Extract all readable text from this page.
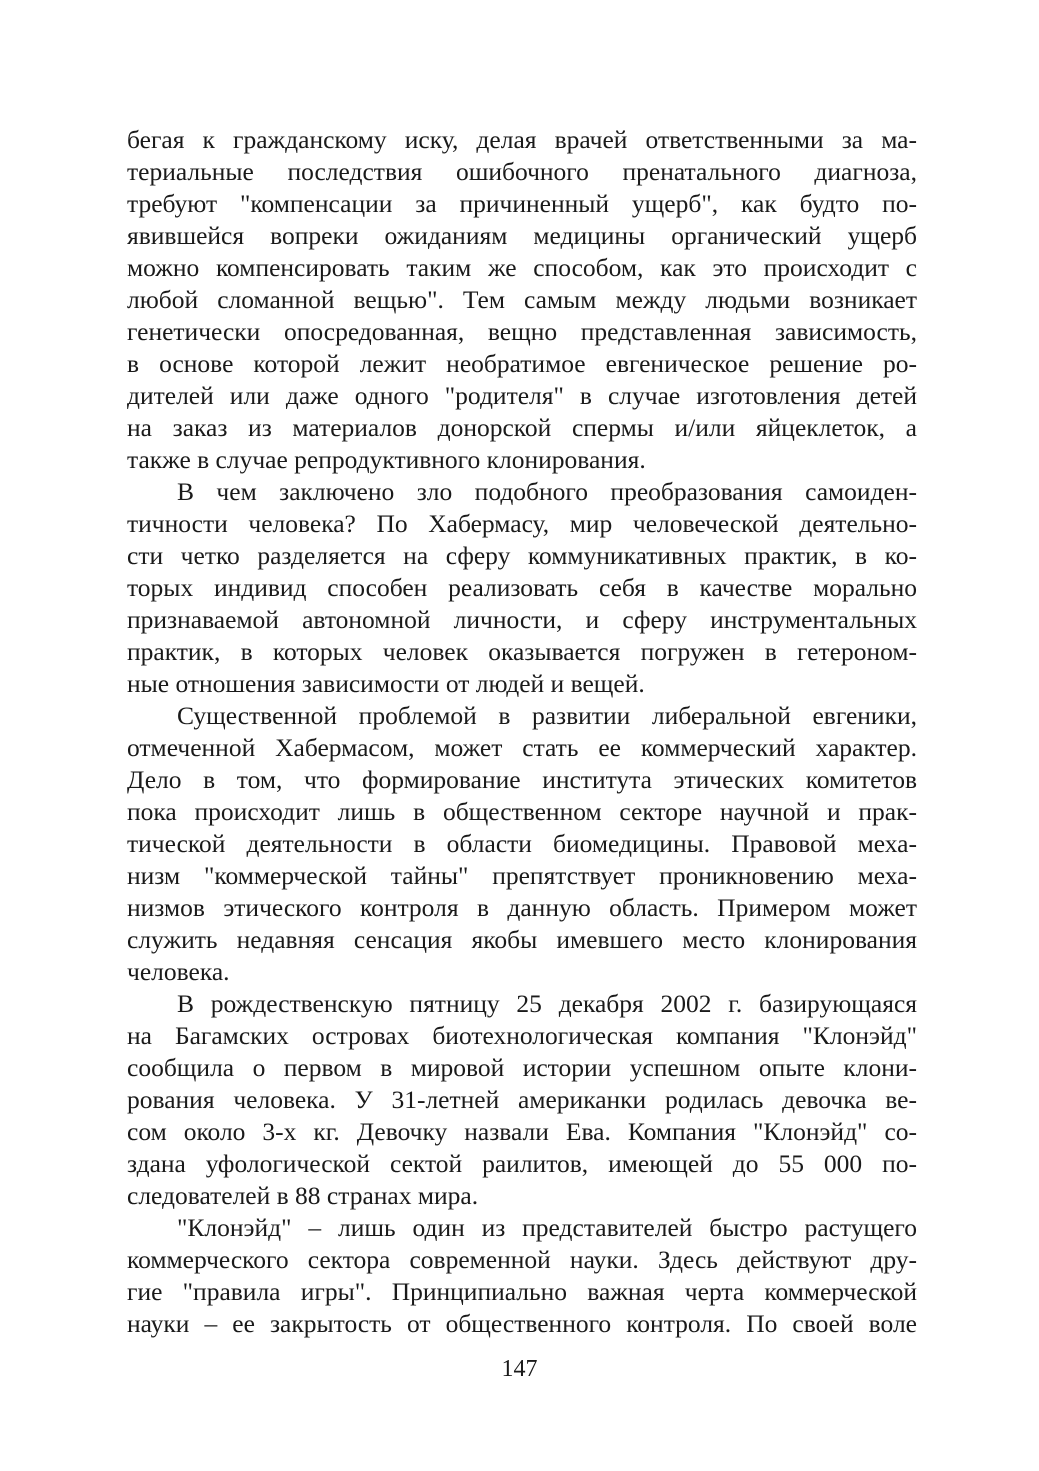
бегая к гражданскому иску, делая врачей ответственными за ма-
териальные последствия ошибочного пренатального диагноза,
требуют "компенсации за причиненный ущерб", как будто по-
явившейся вопреки ожиданиям медицины органический ущерб
можно компенсировать таким же способом, как это происходит с
любой сломанной вещью". Тем самым между людьми возникает
генетически опосредованная, вещно представленная зависимость,
в основе которой лежит необратимое евгеническое решение ро-
дителей или даже одного "родителя" в случае изготовления детей
на заказ из материалов донорской спермы и/или яйцеклеток, а
также в случае репродуктивного клонирования.
В чем заключено зло подобного преобразования самоиден-
тичности человека? По Хабермасу, мир человеческой деятельно-
сти четко разделяется на сферу коммуникативных практик, в ко-
торых индивид способен реализовать себя в качестве морально
признаваемой автономной личности, и сферу инструментальных
практик, в которых человек оказывается погружен в гетероном-
ные отношения зависимости от людей и вещей.
Существенной проблемой в развитии либеральной евгеники,
отмеченной Хабермасом, может стать ее коммерческий характер.
Дело в том, что формирование института этических комитетов
пока происходит лишь в общественном секторе научной и прак-
тической деятельности в области биомедицины. Правовой меха-
низм "коммерческой тайны" препятствует проникновению меха-
низмов этического контроля в данную область. Примером может
служить недавняя сенсация якобы имевшего место клонирования
человека.
В рождественскую пятницу 25 декабря 2002 г. базирующаяся
на Багамских островах биотехнологическая компания "Клонэйд"
сообщила о первом в мировой истории успешном опыте клони-
рования человека. У 31-летней американки родилась девочка ве-
сом около 3-х кг. Девочку назвали Ева. Компания "Клонэйд" со-
здана уфологической сектой раилитов, имеющей до 55 000 по-
следователей в 88 странах мира.
"Клонэйд" – лишь один из представителей быстро растущего
коммерческого сектора современной науки. Здесь действуют дру-
гие "правила игры". Принципиально важная черта коммерческой
науки – ее закрытость от общественного контроля. По своей воле
147
